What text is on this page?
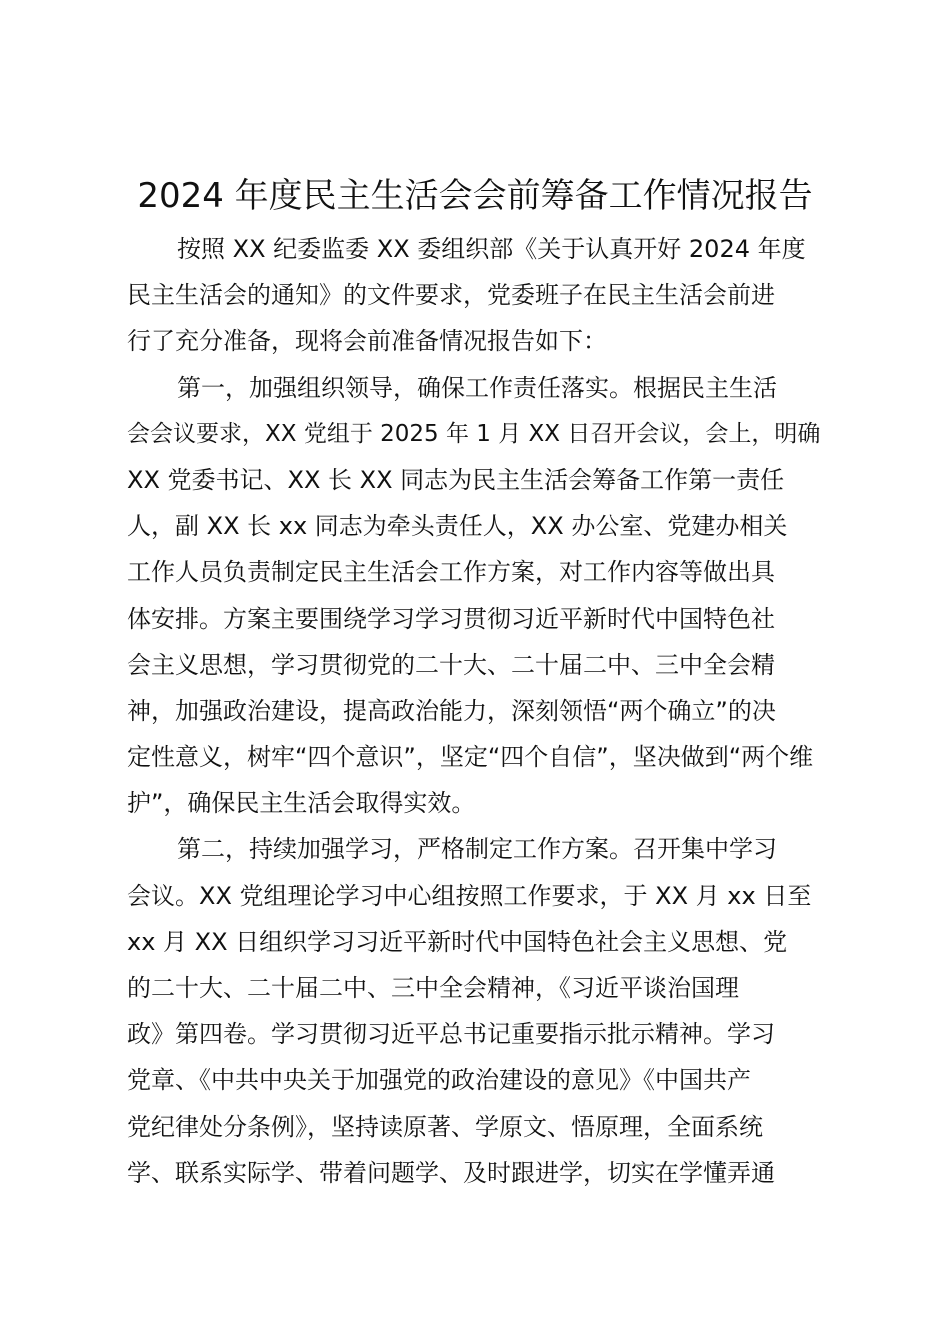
2024 年度民主生活会会前筹备工作情况报告
按照 XX 纪委监委 XX 委组织部《关于认真开好 2024 年度
民主生活会的通知》的文件要求，党委班子在民主生活会前进
行了充分准备，现将会前准备情况报告如下：
第一，加强组织领导，确保工作责任落实。根据民主生活
会会议要求，XX 党组于 2025 年 1 月 XX 日召开会议，会上，明确
XX 党委书记、XX 长 XX 同志为民主生活会筹备工作第一责任
人，副 XX 长 xx 同志为牵头责任人，XX 办公室、党建办相关
工作人员负责制定民主生活会工作方案，对工作内容等做出具
体安排。方案主要围绕学习学习贯彻习近平新时代中国特色社
会主义思想，学习贯彻党的二十大、二十届二中、三中全会精
神，加强政治建设，提高政治能力，深刻领悟“两个确立”的决
定性意义，树牢“四个意识”，坚定“四个自信”，坚决做到“两个维
护”，确保民主生活会取得实效。
第二，持续加强学习，严格制定工作方案。召开集中学习
会议。XX 党组理论学习中心组按照工作要求，于 XX 月 xx 日至
xx 月 XX 日组织学习习近平新时代中国特色社会主义思想、党
的二十大、二十届二中、三中全会精神，《习近平谈治国理
政》第四卷。学习贯彻习近平总书记重要指示批示精神。学习
党章、《中共中央关于加强党的政治建设的意见》《中国共产
党纪律处分条例》，坚持读原著、学原文、悟原理，全面系统
学、联系实际学、带着问题学、及时跟进学，切实在学懂弄通
